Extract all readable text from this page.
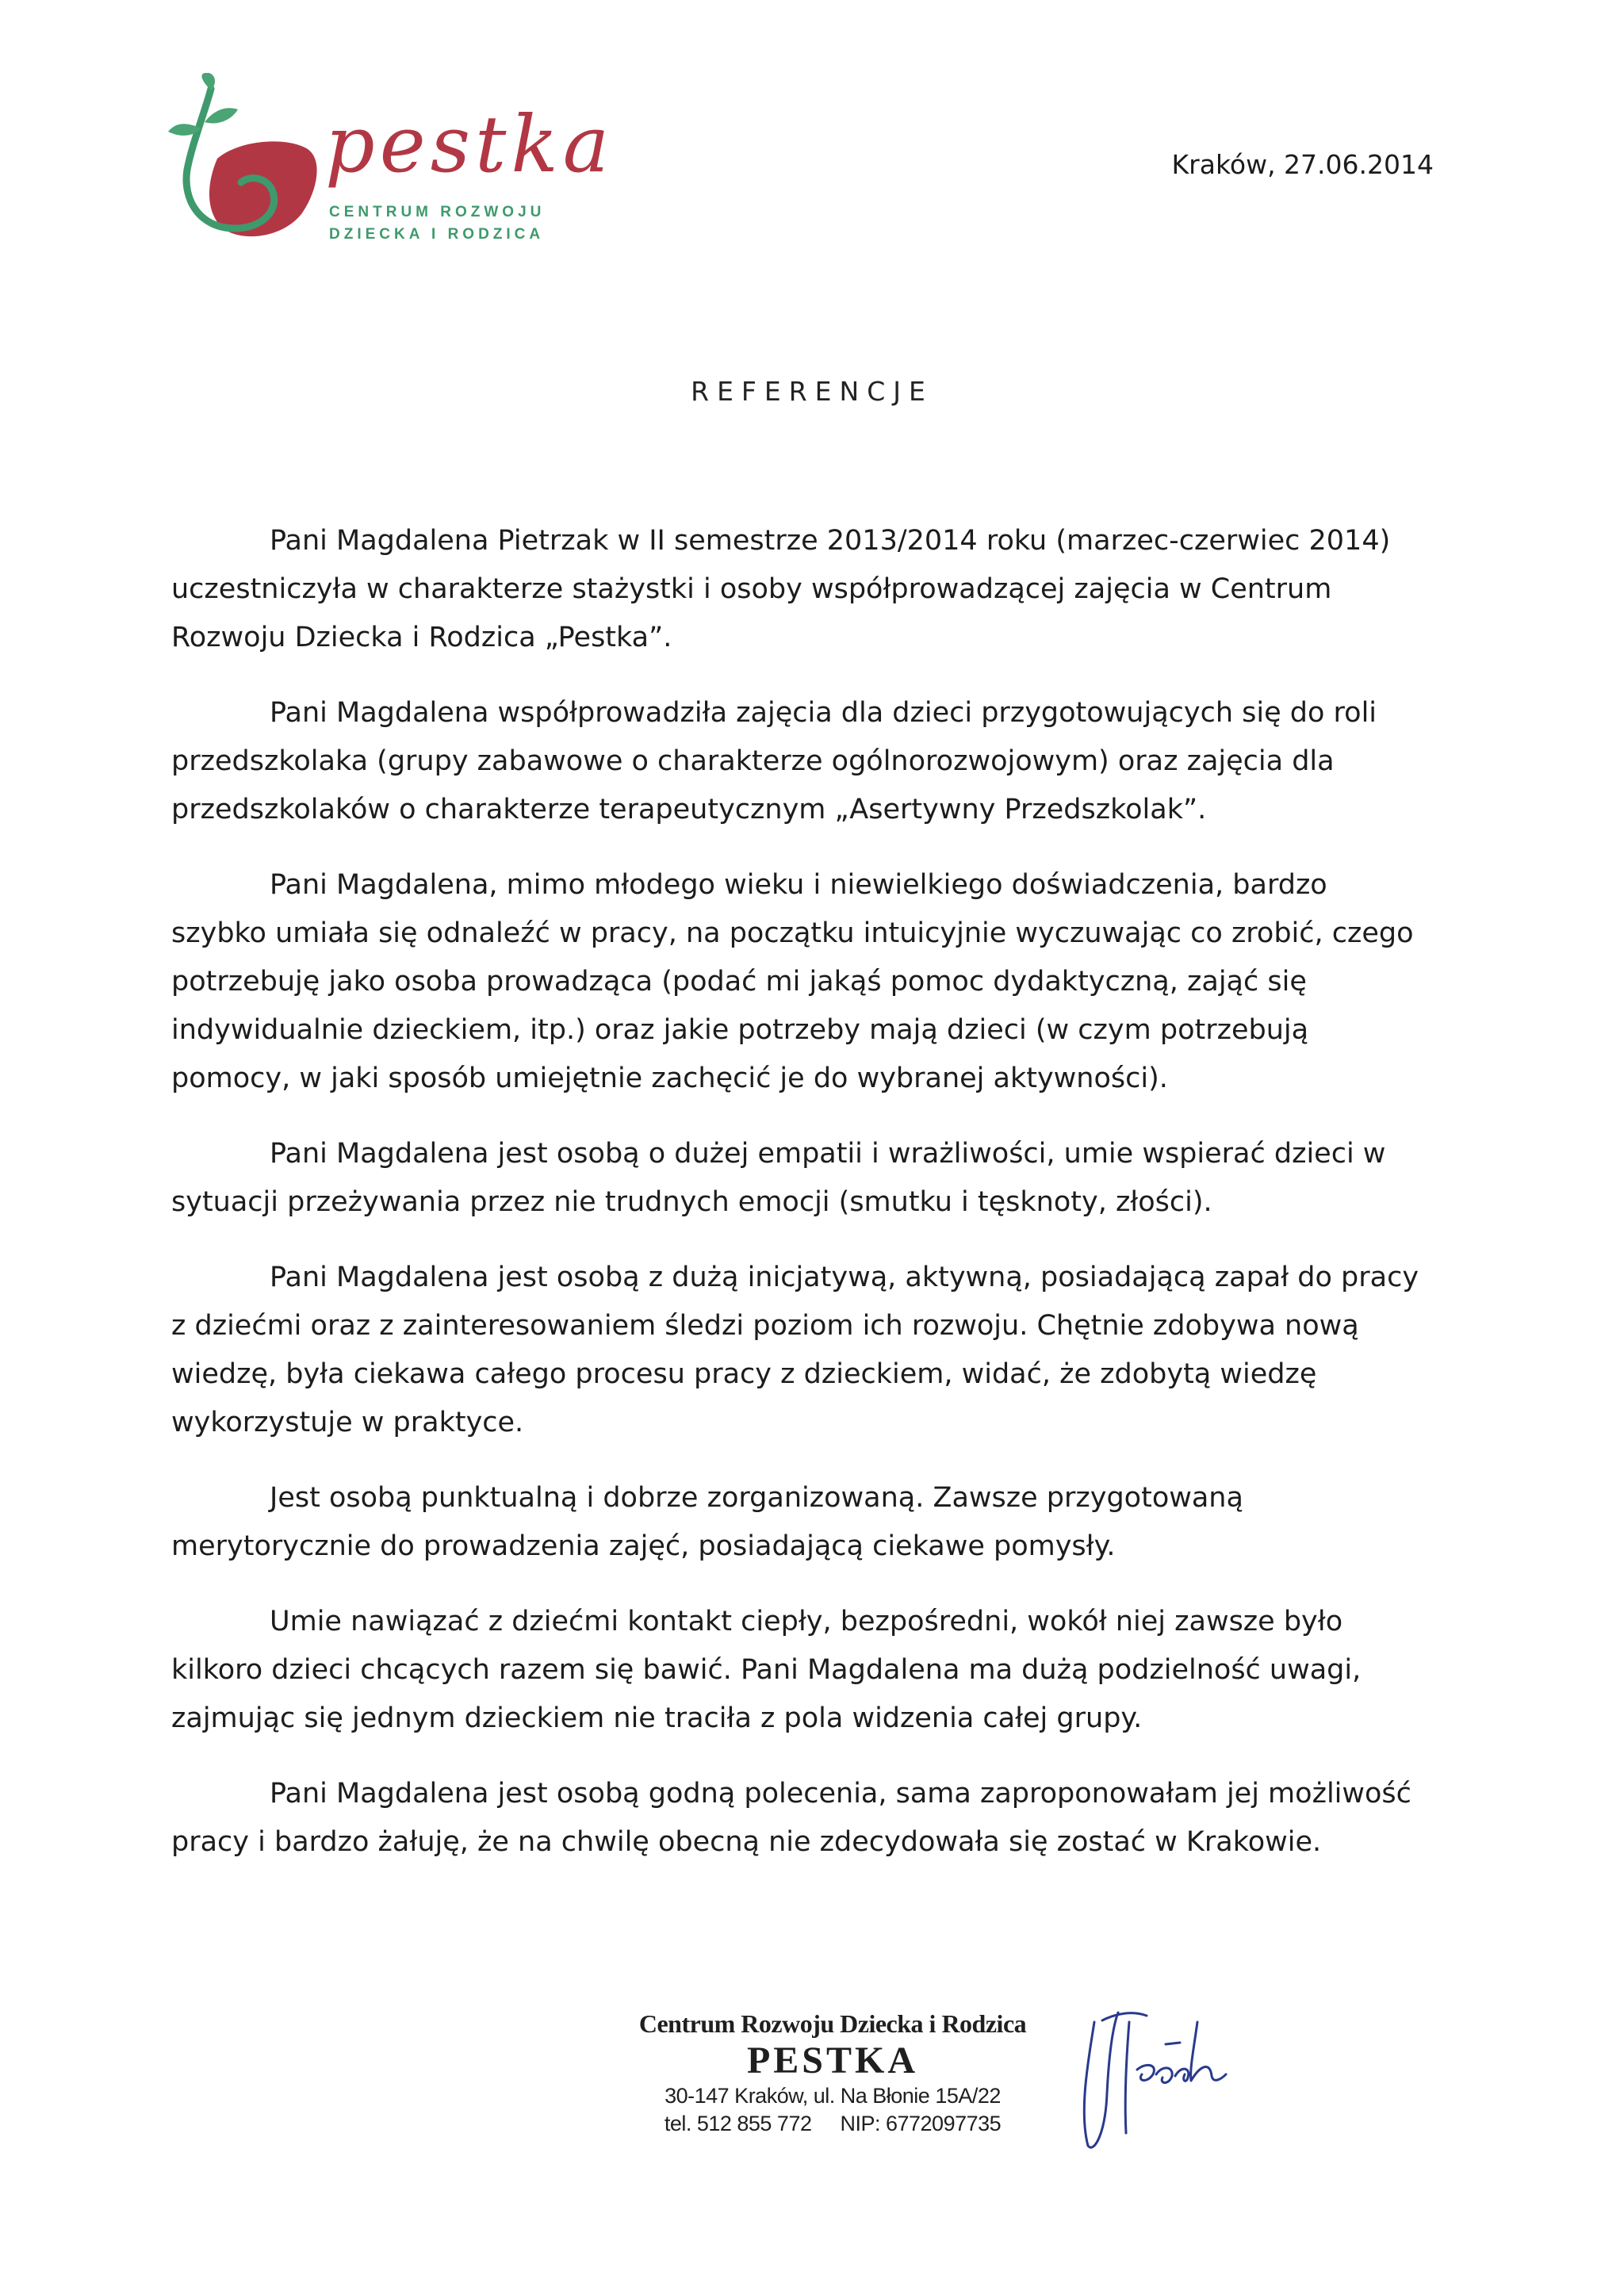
pestka
CENTRUM ROZWOJU
DZIECKA I RODZICA
Kraków, 27.06.2014
REFERENCJE

Pani Magdalena Pietrzak w II semestrze 2013/2014 roku (marzec-czerwiec 2014) uczestniczyła w charakterze stażystki i osoby współprowadzącej zajęcia w Centrum Rozwoju Dziecka i Rodzica „Pestka”.

Pani Magdalena współprowadziła zajęcia dla dzieci przygotowujących się do roli przedszkolaka (grupy zabawowe o charakterze ogólnorozwojowym) oraz zajęcia dla przedszkolaków o charakterze terapeutycznym „Asertywny Przedszkolak”.

Pani Magdalena, mimo młodego wieku i niewielkiego doświadczenia, bardzo szybko umiała się odnaleźć w pracy, na początku intuicyjnie wyczuwając co zrobić, czego potrzebuję jako osoba prowadząca (podać mi jakąś pomoc dydaktyczną, zająć się indywidualnie dzieckiem, itp.) oraz jakie potrzeby mają dzieci (w czym potrzebują pomocy, w jaki sposób umiejętnie zachęcić je do wybranej aktywności).

Pani Magdalena jest osobą o dużej empatii i wrażliwości, umie wspierać dzieci w sytuacji przeżywania przez nie trudnych emocji (smutku i tęsknoty, złości).

Pani Magdalena jest osobą z dużą inicjatywą, aktywną, posiadającą zapał do pracy z dziećmi oraz z zainteresowaniem śledzi poziom ich rozwoju. Chętnie zdobywa nową wiedzę, była ciekawa całego procesu pracy z dzieckiem, widać, że zdobytą wiedzę wykorzystuje w praktyce.

Jest osobą punktualną i dobrze zorganizowaną. Zawsze przygotowaną merytorycznie do prowadzenia zajęć, posiadającą ciekawe pomysły.

Umie nawiązać z dziećmi kontakt ciepły, bezpośredni, wokół niej zawsze było kilkoro dzieci chcących razem się bawić. Pani Magdalena ma dużą podzielność uwagi, zajmując się jednym dzieckiem nie traciła z pola widzenia całej grupy.

Pani Magdalena jest osobą godną polecenia, sama zaproponowałam jej możliwość pracy i bardzo żałuję, że na chwilę obecną nie zdecydowała się zostać w Krakowie.

Centrum Rozwoju Dziecka i Rodzica
PESTKA
30-147 Kraków, ul. Na Błonie 15A/22
tel. 512 855 772 NIP: 6772097735
